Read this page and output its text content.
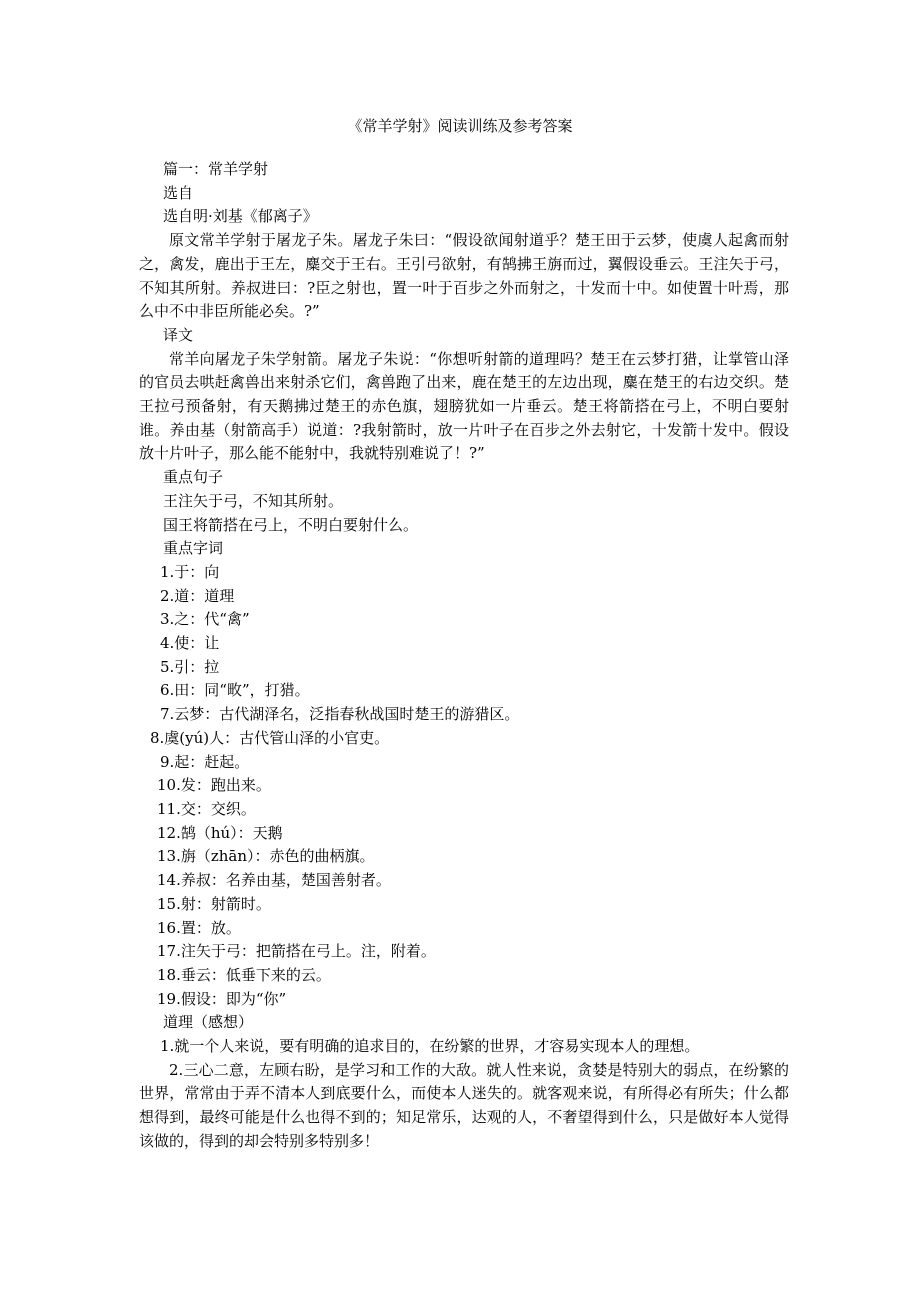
《常羊学射》阅读训练及参考答案
篇一：常羊学射
选自
选自明·刘基《郁离子》
原文常羊学射于屠龙子朱。屠龙子朱曰：“假设欲闻射道乎？楚王田于云梦，使虞人起禽而射之，禽发，鹿出于王左，麋交于王右。王引弓欲射，有鹄拂王旃而过，翼假设垂云。王注矢于弓，不知其所射。养叔进曰：?臣之射也，置一叶于百步之外而射之，十发而十中。如使置十叶焉，那么中不中非臣所能必矣。?”
译文
常羊向屠龙子朱学射箭。屠龙子朱说：“你想听射箭的道理吗？楚王在云梦打猎，让掌管山泽的官员去哄赶禽兽出来射杀它们，禽兽跑了出来，鹿在楚王的左边出现，麋在楚王的右边交织。楚王拉弓预备射，有天鹅拂过楚王的赤色旗，翅膀犹如一片垂云。楚王将箭搭在弓上，不明白要射谁。养由基（射箭高手）说道：?我射箭时，放一片叶子在百步之外去射它，十发箭十发中。假设放十片叶子，那么能不能射中，我就特别难说了！?”
重点句子
王注矢于弓，不知其所射。
国王将箭搭在弓上，不明白要射什么。
重点字词
1.于：向
2.道：道理
3.之：代“禽”
4.使：让
5.引：拉
6.田：同“畋”，打猎。
7.云梦：古代湖泽名，泛指春秋战国时楚王的游猎区。
8.虞(yú)人：古代管山泽的小官吏。
9.起：赶起。
10.发：跑出来。
11.交：交织。
12.鹄（hú）：天鹅
13.旃（zhān）：赤色的曲柄旗。
14.养叔：名养由基，楚国善射者。
15.射：射箭时。
16.置：放。
17.注矢于弓：把箭搭在弓上。注，附着。
18.垂云：低垂下来的云。
19.假设：即为“你”
道理（感想）
1.就一个人来说，要有明确的追求目的，在纷繁的世界，才容易实现本人的理想。
2.三心二意，左顾右盼，是学习和工作的大敌。就人性来说，贪婪是特别大的弱点，在纷繁的世界，常常由于弄不清本人到底要什么，而使本人迷失的。就客观来说，有所得必有所失；什么都想得到，最终可能是什么也得不到的；知足常乐，达观的人，不奢望得到什么，只是做好本人觉得该做的，得到的却会特别多特别多！
